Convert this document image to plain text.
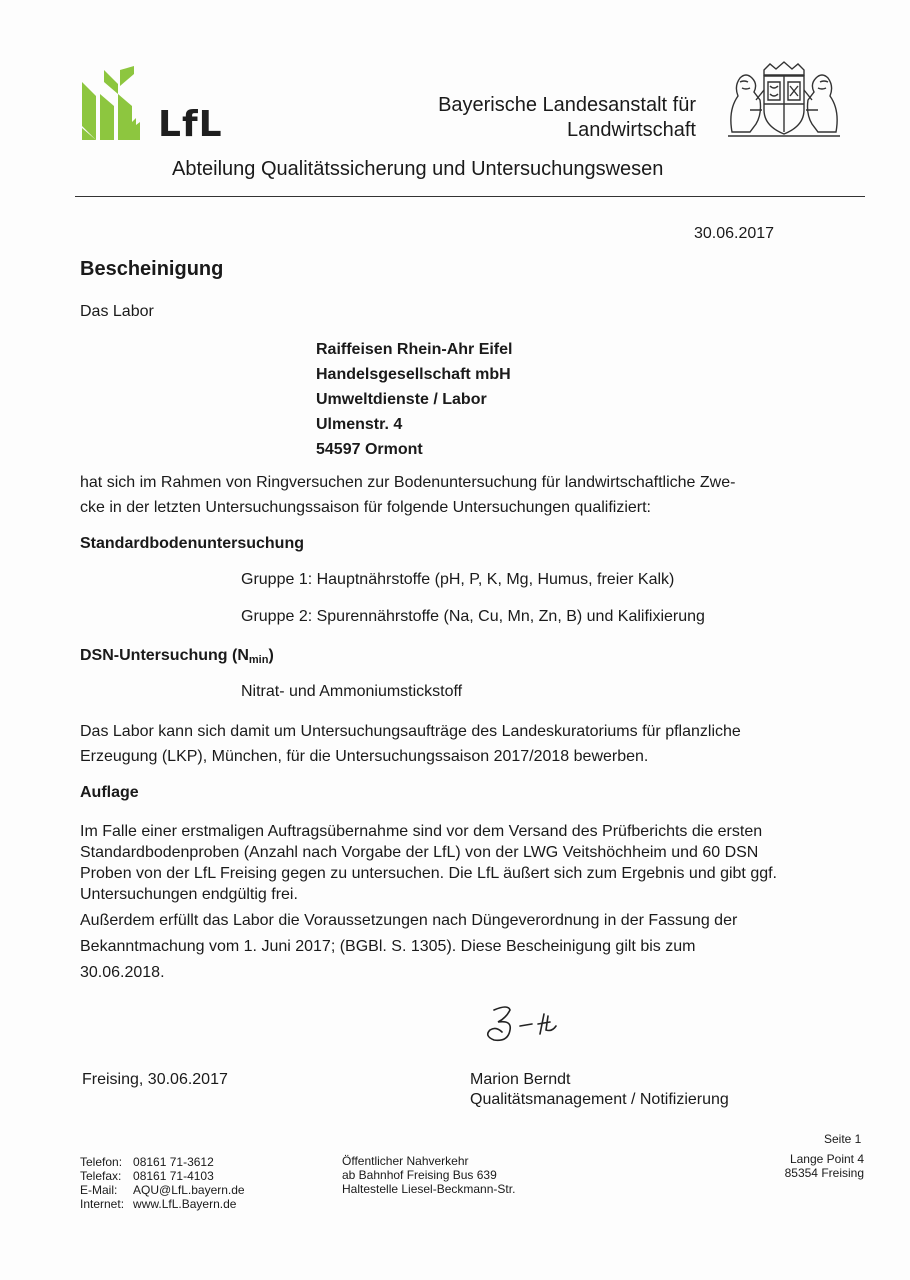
LfL	Bayerische Landesanstalt für
Landwirtschaft
Abteilung Qualitätssicherung und Untersuchungswesen
30.06.2017
Bescheinigung
Das Labor
Raiffeisen Rhein-Ahr Eifel
Handelsgesellschaft mbH
Umweltdienste / Labor
Ulmenstr. 4
54597 Ormont
hat sich im Rahmen von Ringversuchen zur Bodenuntersuchung für landwirtschaftliche Zwe-
cke in der letzten Untersuchungssaison für folgende Untersuchungen qualifiziert:
Standardbodenuntersuchung
Gruppe 1: Hauptnährstoffe (pH, P, K, Mg, Humus, freier Kalk)
Gruppe 2: Spurennährstoffe (Na, Cu, Mn, Zn, B) und Kalifixierung
DSN-Untersuchung $(N_{min})$
Nitrat- und Ammoniumstickstoff
Das Labor kann sich damit um Untersuchungsaufträge des Landeskuratoriums für pflanzliche
Erzeugung (LKP), München, für die Untersuchungssaison 2017/2018 bewerben.
Auflage
Im Falle einer erstmaligen Auftragsübernahme sind vor dem Versand des Prüfberichts die ersten
Standardbodenproben (Anzahl nach Vorgabe der LfL) von der LWG Veitshöchheim und 60 DSN
Proben von der LfL Freising gegen zu untersuchen. Die LfL äußert sich zum Ergebnis und gibt ggf.
Untersuchungen endgültig frei.
Außerdem erfüllt das Labor die Voraussetzungen nach Düngeverordnung in der Fassung der
Bekanntmachung vom 1. Juni 2017; (BGBl. S. 1305). Diese Bescheinigung gilt bis zum
30.06.2018.
Freising, 30.06.2017	Marion Berndt
Qualitätsmanagement / Notifizierung
Seite 1
Telefon:	08161 71-3612
Telefax:	08161 71-4103
E-Mail:	AQU@LfL.bayern.de
Internet:	www.LfL.Bayern.de
Öffentlicher Nahverkehr
ab Bahnhof Freising Bus 639
Haltestelle Liesel-Beckmann-Str.
Lange Point 4
85354 Freising
